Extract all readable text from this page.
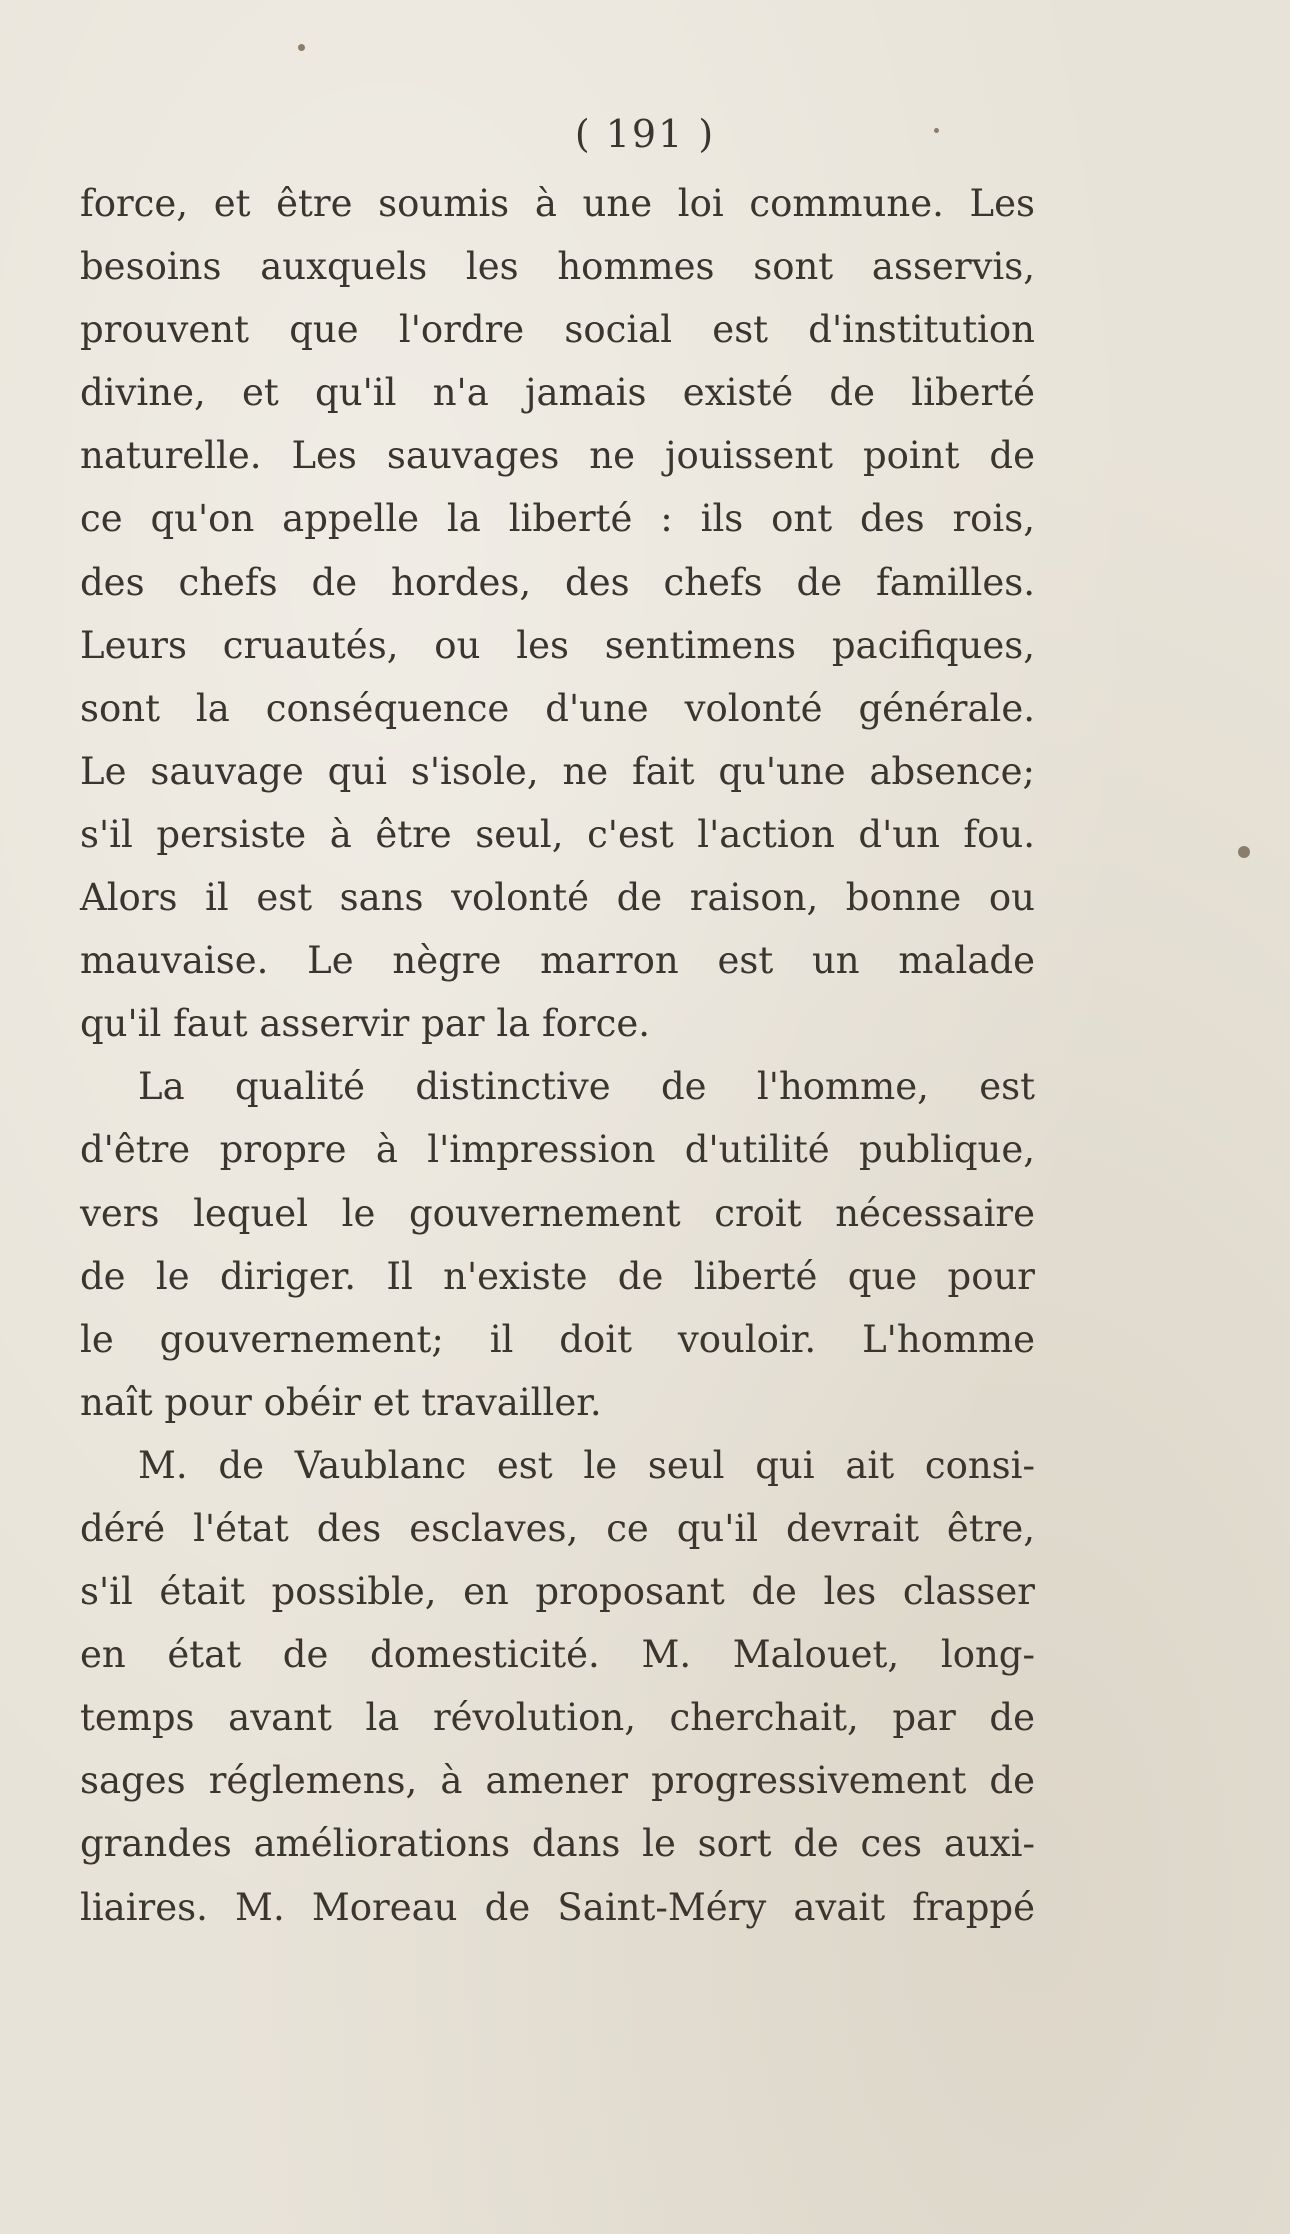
( 191 )
force, et être soumis à une loi commune. Les
besoins auxquels les hommes sont asservis,
prouvent que l'ordre social est d'institution
divine, et qu'il n'a jamais existé de liberté
naturelle. Les sauvages ne jouissent point de
ce qu'on appelle la liberté : ils ont des rois,
des chefs de hordes, des chefs de familles.
Leurs cruautés, ou les sentimens pacifiques,
sont la conséquence d'une volonté générale.
Le sauvage qui s'isole, ne fait qu'une absence;
s'il persiste à être seul, c'est l'action d'un fou.
Alors il est sans volonté de raison, bonne ou
mauvaise. Le nègre marron est un malade
qu'il faut asservir par la force.
La qualité distinctive de l'homme, est
d'être propre à l'impression d'utilité publique,
vers lequel le gouvernement croit nécessaire
de le diriger. Il n'existe de liberté que pour
le gouvernement; il doit vouloir. L'homme
naît pour obéir et travailler.
M. de Vaublanc est le seul qui ait consi-
déré l'état des esclaves, ce qu'il devrait être,
s'il était possible, en proposant de les classer
en état de domesticité. M. Malouet, long-
temps avant la révolution, cherchait, par de
sages réglemens, à amener progressivement de
grandes améliorations dans le sort de ces auxi-
liaires. M. Moreau de Saint-Méry avait frappé
